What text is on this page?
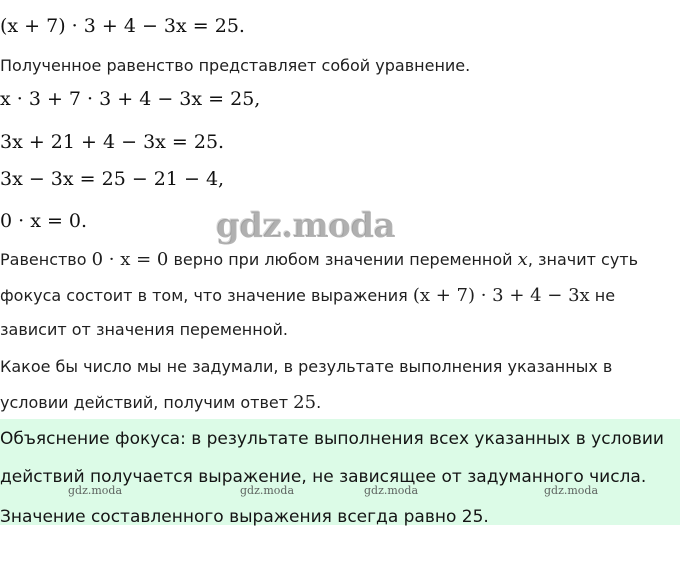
(x + 7) · 3 + 4 − 3x = 25.
Полученное равенство представляет собой уравнение.
x · 3 + 7 · 3 + 4 − 3x = 25,
3x + 21 + 4 − 3x = 25.
3x − 3x = 25 − 21 − 4,
0 · x = 0.	gdz.moda
Равенство 0 · x = 0 верно при любом значении переменной x, значит суть
фокуса состоит в том, что значение выражения (x + 7) · 3 + 4 − 3x не
зависит от значения переменной.
Какое бы число мы не задумали, в результате выполнения указанных в
условии действий, получим ответ 25.
Объяснение фокуса: в результате выполнения всех указанных в условии
действий получается выражение, не зависящее от задуманного числа.
Значение составленного выражения всегда равно 25.
gdz.moda	gdz.moda	gdz.moda	gdz.moda
